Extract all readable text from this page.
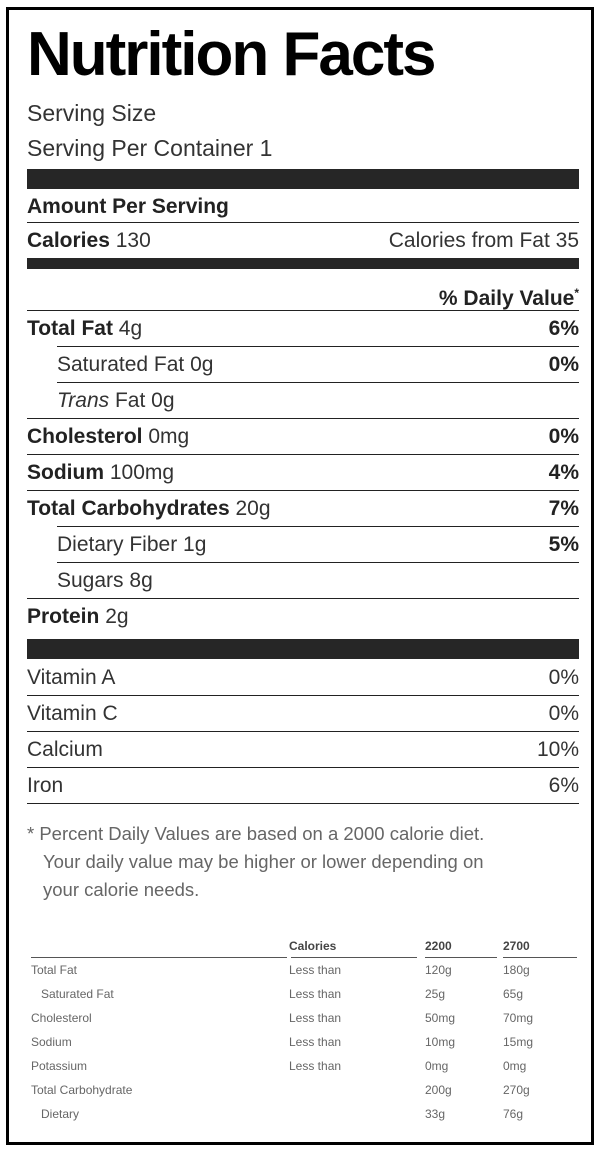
Nutrition Facts
Serving Size
Serving Per Container 1
Amount Per Serving
Calories 130	Calories from Fat 35
% Daily Value*
Total Fat 4g	6%
Saturated Fat 0g	0%
Trans Fat 0g
Cholesterol 0mg	0%
Sodium 100mg	4%
Total Carbohydrates 20g	7%
Dietary Fiber 1g	5%
Sugars 8g
Protein 2g
Vitamin A	0%
Vitamin C	0%
Calcium	10%
Iron	6%
* Percent Daily Values are based on a 2000 calorie diet.
Your daily value may be higher or lower depending on
your calorie needs.
	Calories	2200	2700
Total Fat	Less than	120g	180g
Saturated Fat	Less than	25g	65g
Cholesterol	Less than	50mg	70mg
Sodium	Less than	10mg	15mg
Potassium	Less than	0mg	0mg
Total Carbohydrate		200g	270g
Dietary		33g	76g
